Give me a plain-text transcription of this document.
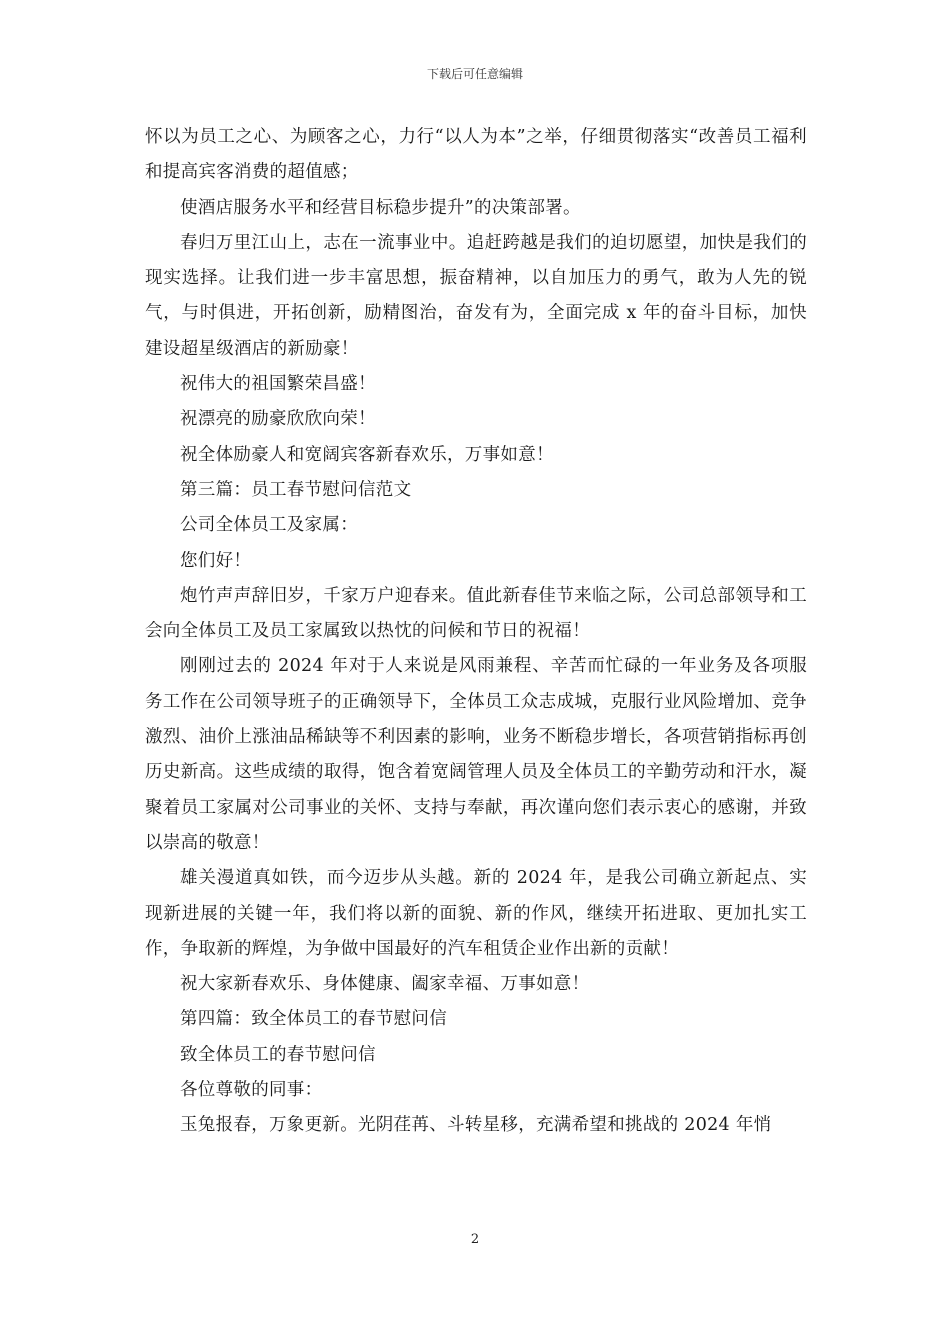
下载后可任意编辑

怀以为员工之心、为顾客之心，力行“以人为本”之举，仔细贯彻落实“改善员工福利和提高宾客消费的超值感；

使酒店服务水平和经营目标稳步提升”的决策部署。

春归万里江山上，志在一流事业中。追赶跨越是我们的迫切愿望，加快是我们的现实选择。让我们进一步丰富思想，振奋精神，以自加压力的勇气，敢为人先的锐气，与时俱进，开拓创新，励精图治，奋发有为，全面完成 x 年的奋斗目标，加快建设超星级酒店的新励豪！

祝伟大的祖国繁荣昌盛！

祝漂亮的励豪欣欣向荣！

祝全体励豪人和宽阔宾客新春欢乐，万事如意！

第三篇：员工春节慰问信范文

公司全体员工及家属：

您们好！

炮竹声声辞旧岁，千家万户迎春来。值此新春佳节来临之际，公司总部领导和工会向全体员工及员工家属致以热忱的问候和节日的祝福！

刚刚过去的 2024 年对于人来说是风雨兼程、辛苦而忙碌的一年业务及各项服务工作在公司领导班子的正确领导下，全体员工众志成城，克服行业风险增加、竞争激烈、油价上涨油品稀缺等不利因素的影响，业务不断稳步增长，各项营销指标再创历史新高。这些成绩的取得，饱含着宽阔管理人员及全体员工的辛勤劳动和汗水，凝聚着员工家属对公司事业的关怀、支持与奉献，再次谨向您们表示衷心的感谢，并致以崇高的敬意！

雄关漫道真如铁，而今迈步从头越。新的 2024 年，是我公司确立新起点、实现新进展的关键一年，我们将以新的面貌、新的作风，继续开拓进取、更加扎实工作，争取新的辉煌，为争做中国最好的汽车租赁企业作出新的贡献！

祝大家新春欢乐、身体健康、阖家幸福、万事如意！

第四篇：致全体员工的春节慰问信

致全体员工的春节慰问信

各位尊敬的同事：

玉兔报春，万象更新。光阴荏苒、斗转星移，充满希望和挑战的 2024 年悄

2
